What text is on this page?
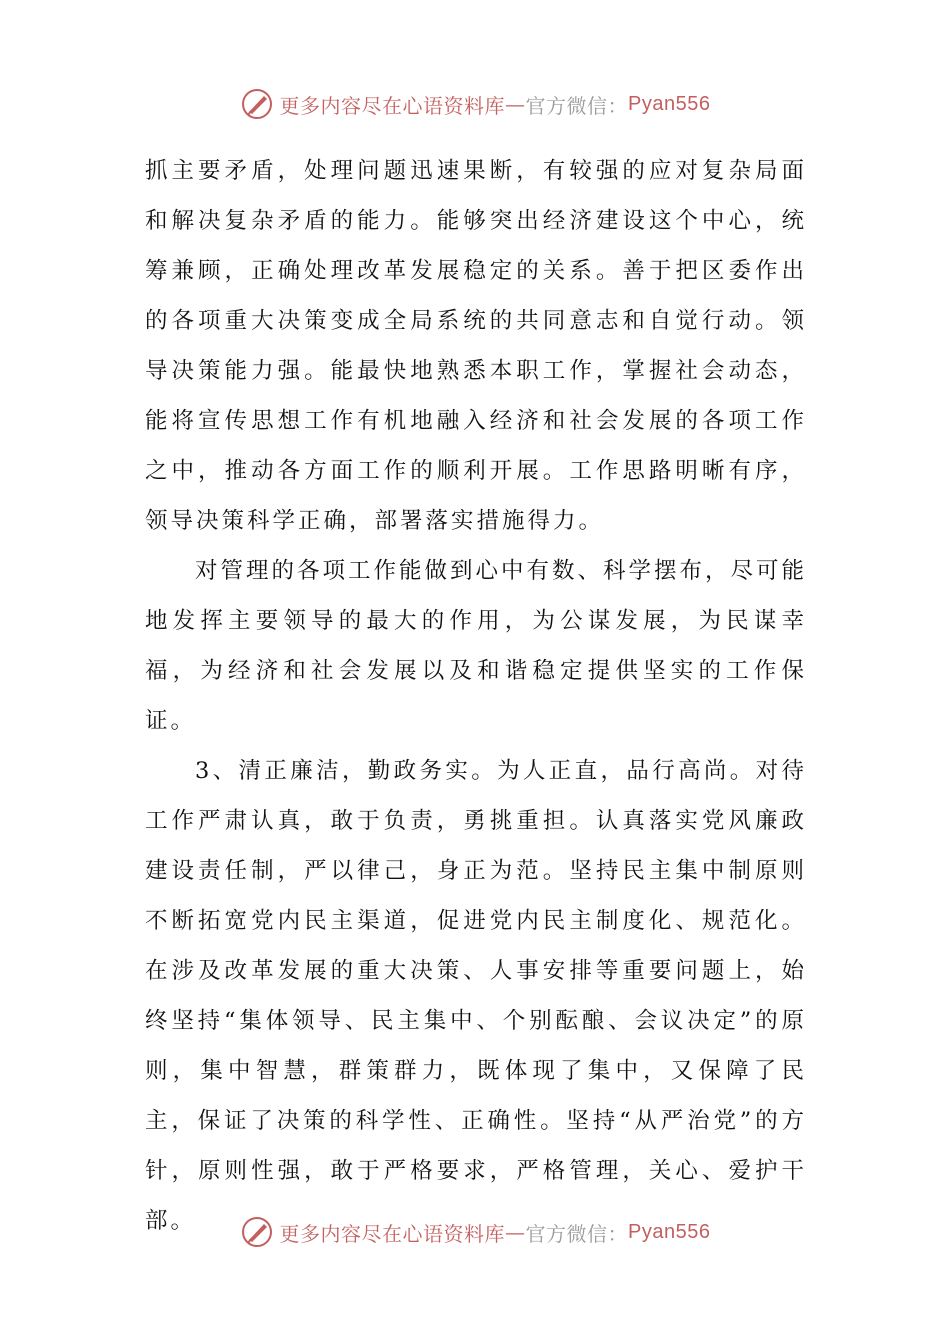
更多内容尽在心语资料库 — 官方微信： Pyan556

抓主要矛盾，处理问题迅速果断，有较强的应对复杂局面和解决复杂矛盾的能力。能够突出经济建设这个中心，统筹兼顾，正确处理改革发展稳定的关系。善于把区委作出的各项重大决策变成全局系统的共同意志和自觉行动。领导决策能力强。能最快地熟悉本职工作，掌握社会动态，能将宣传思想工作有机地融入经济和社会发展的各项工作之中，推动各方面工作的顺利开展。工作思路明晰有序，领导决策科学正确，部署落实措施得力。

对管理的各项工作能做到心中有数、科学摆布，尽可能地发挥主要领导的最大的作用，为公谋发展，为民谋幸福，为经济和社会发展以及和谐稳定提供坚实的工作保证。

3、清正廉洁，勤政务实。为人正直，品行高尚。对待工作严肃认真，敢于负责，勇挑重担。认真落实党风廉政建设责任制，严以律己，身正为范。坚持民主集中制原则不断拓宽党内民主渠道，促进党内民主制度化、规范化。在涉及改革发展的重大决策、人事安排等重要问题上，始终坚持“集体领导、民主集中、个别酝酿、会议决定”的原则，集中智慧，群策群力，既体现了集中，又保障了民主，保证了决策的科学性、正确性。坚持“从严治党”的方针，原则性强，敢于严格要求，严格管理，关心、爱护干部。	更多内容尽在心语资料库 — 官方微信： Pyan556
